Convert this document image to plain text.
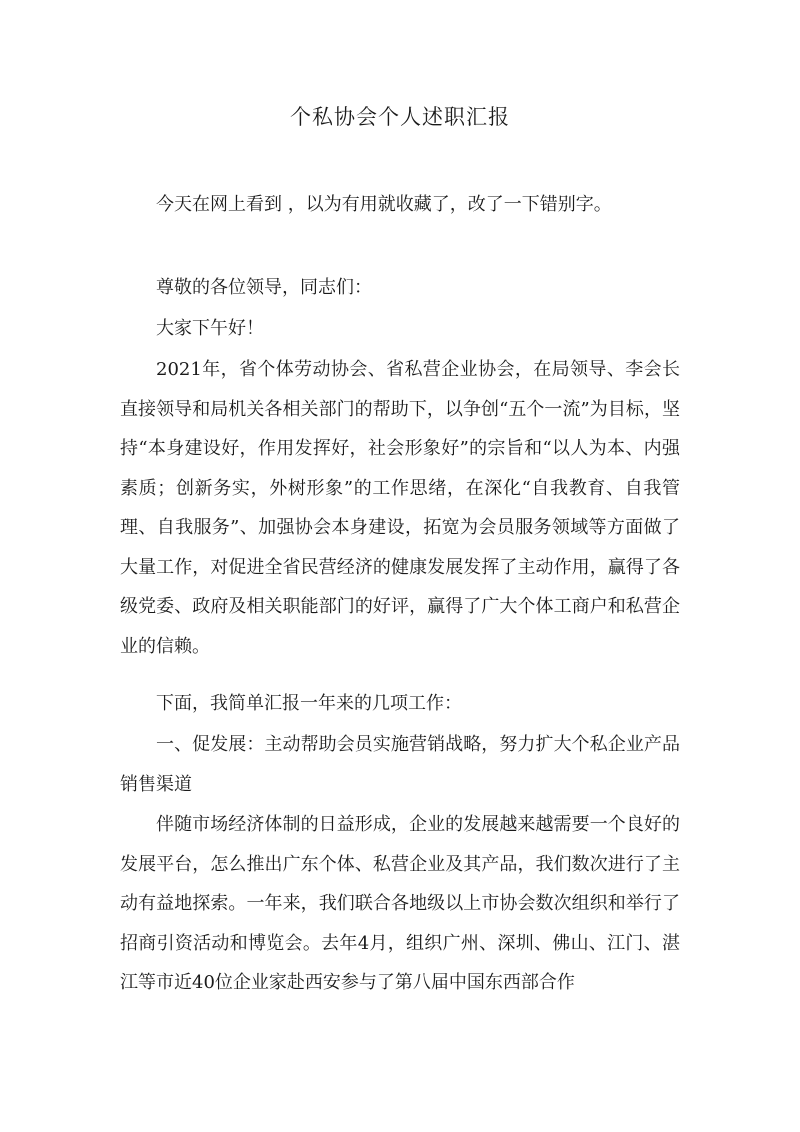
个私协会个人述职汇报

今天在网上看到 ，以为有用就收藏了，改了一下错别字。

尊敬的各位领导，同志们：

大家下午好！

2021年，省个体劳动协会、省私营企业协会，在局领导、李会长直接领导和局机关各相关部门的帮助下，以争创“五个一流”为目标，坚持“本身建设好，作用发挥好，社会形象好”的宗旨和“以人为本、内强素质；创新务实，外树形象”的工作思绪，在深化“自我教育、自我管理、自我服务”、加强协会本身建设，拓宽为会员服务领域等方面做了大量工作，对促进全省民营经济的健康发展发挥了主动作用，赢得了各级党委、政府及相关职能部门的好评，赢得了广大个体工商户和私营企业的信赖。

下面，我简单汇报一年来的几项工作：

一、促发展：主动帮助会员实施营销战略，努力扩大个私企业产品销售渠道

伴随市场经济体制的日益形成，企业的发展越来越需要一个良好的发展平台，怎么推出广东个体、私营企业及其产品，我们数次进行了主动有益地探索。一年来，我们联合各地级以上市协会数次组织和举行了招商引资活动和博览会。去年4月，组织广州、深圳、佛山、江门、湛江等市近40位企业家赴西安参与了第八届中国东西部合作
